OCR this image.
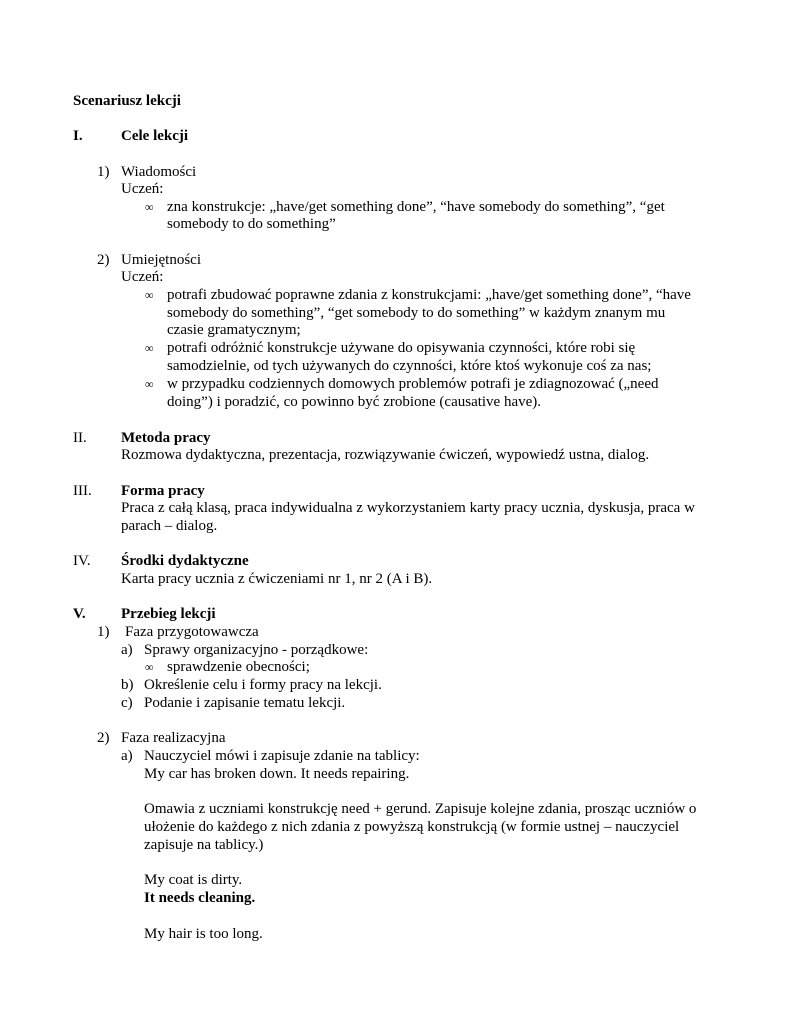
Scenariusz lekcji
I.	Cele lekcji
1) Wiadomości
Uczeń:
∞ zna konstrukcje: „have/get something done”, “have somebody do something”, “get
somebody to do something”
2) Umiejętności
Uczeń:
∞ potrafi zbudować poprawne zdania z konstrukcjami: „have/get something done”, “have
somebody do something”, “get somebody to do something” w każdym znanym mu
czasie gramatycznym;
∞ potrafi odróżnić konstrukcje używane do opisywania czynności, które robi się
samodzielnie, od tych używanych do czynności, które ktoś wykonuje coś za nas;
∞ w przypadku codziennych domowych problemów potrafi je zdiagnozować („need
doing”) i poradzić, co powinno być zrobione (causative have).
II. Metoda pracy
Rozmowa dydaktyczna, prezentacja, rozwiązywanie ćwiczeń, wypowiedź ustna, dialog.
III. Forma pracy
Praca z całą klasą, praca indywidualna z wykorzystaniem karty pracy ucznia, dyskusja, praca w
parach – dialog.
IV. Środki dydaktyczne
Karta pracy ucznia z ćwiczeniami nr 1, nr 2 (A i B).
V. Przebieg lekcji
1) Faza przygotowawcza
a) Sprawy organizacyjno - porządkowe:
∞ sprawdzenie obecności;
b) Określenie celu i formy pracy na lekcji.
c) Podanie i zapisanie tematu lekcji.
2) Faza realizacyjna
a) Nauczyciel mówi i zapisuje zdanie na tablicy:
My car has broken down. It needs repairing.
Omawia z uczniami konstrukcję need + gerund. Zapisuje kolejne zdania, prosząc uczniów o
ułożenie do każdego z nich zdania z powyższą konstrukcją (w formie ustnej – nauczyciel
zapisuje na tablicy.)
My coat is dirty.
It needs cleaning.
My hair is too long.
